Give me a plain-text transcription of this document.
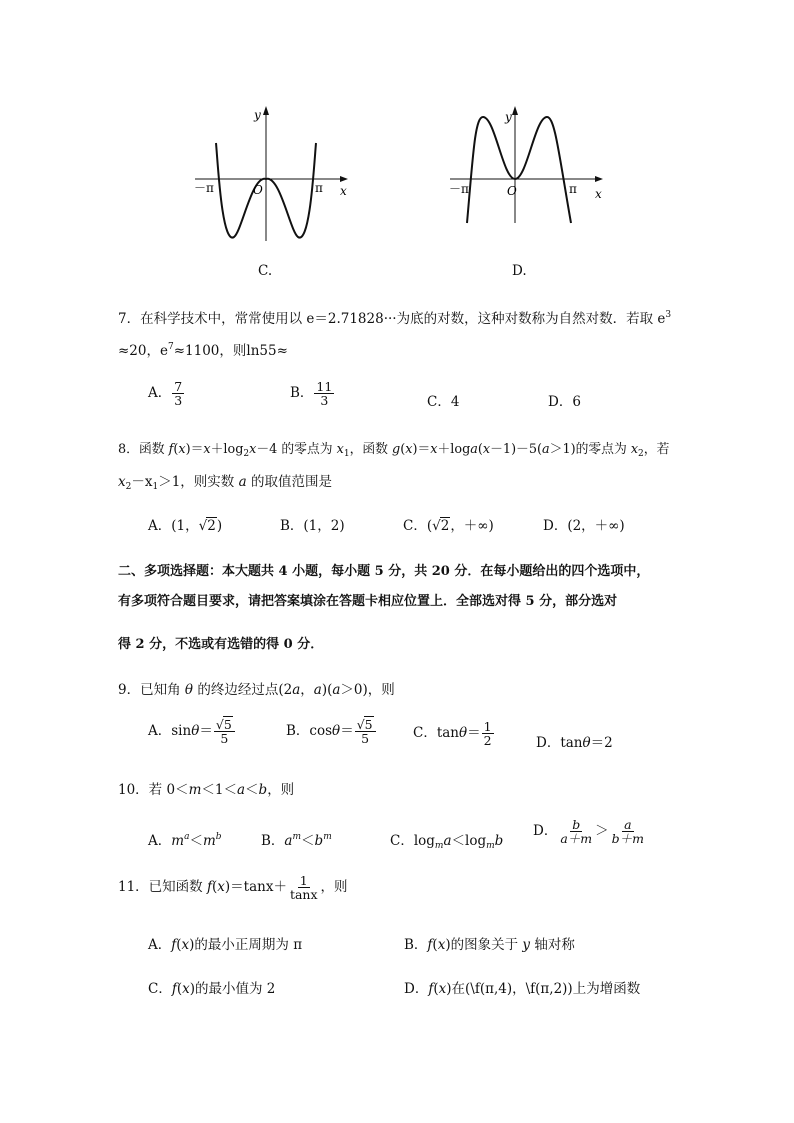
y
x
O
－π	π
C.
y
x
O
－π	π
D.
7．在科学技术中，常常使用以 e＝2.71828···为底的对数，这种对数称为自然对数．若取 $e^3$
≈20，$e^7\approx 1100$，则ln55≈
A． $\frac{7}{3}$	B． $\frac{11}{3}$	C．4	D．6
8．函数 $f(x)=x+\log_2x-4$ 的零点为 $x_1$，函数 g(x)＝x＋loga(x－1)－5(a＞1)的零点为 $x_2$，若
$x_2-x_1>1$，则实数 a 的取值范围是
A．(1，√2)	B．(1，2)	C．(√2，＋∞)	D．(2，＋∞)
二、多项选择题：本大题共 4 小题，每小题 5 分，共 20 分．在每小题给出的四个选项中，
有多项符合题目要求，请把答案填涂在答题卡相应位置上．全部选对得 5 分，部分选对
得 2 分，不选或有选错的得 0 分．
9．已知角 θ 的终边经过点(2a，a)(a＞0)，则
A．$\sin\theta= \frac{√5}{5}$	B．$\cos\theta= \frac{√5}{5}$	C．$\tan\theta= \frac{1}{2}$	D．tanθ＝2
10．若 0＜m＜1＜a＜b，则
A．$m^a<m^b$	B．$a^m<b^m$	C．$\log_ma<\log_mb$
D． $\frac{b}{a+m} > \frac{a}{b+m}$
11．已知函数 $f(x)=\tan x+ \frac{1}{\tan x}$ ，则
A．f(x)的最小正周期为 π	B．f(x)的图象关于 y 轴对称
C．f(x)的最小值为 2	D．f(x)在(\f(π,4)，\f(π,2))上为增函数
